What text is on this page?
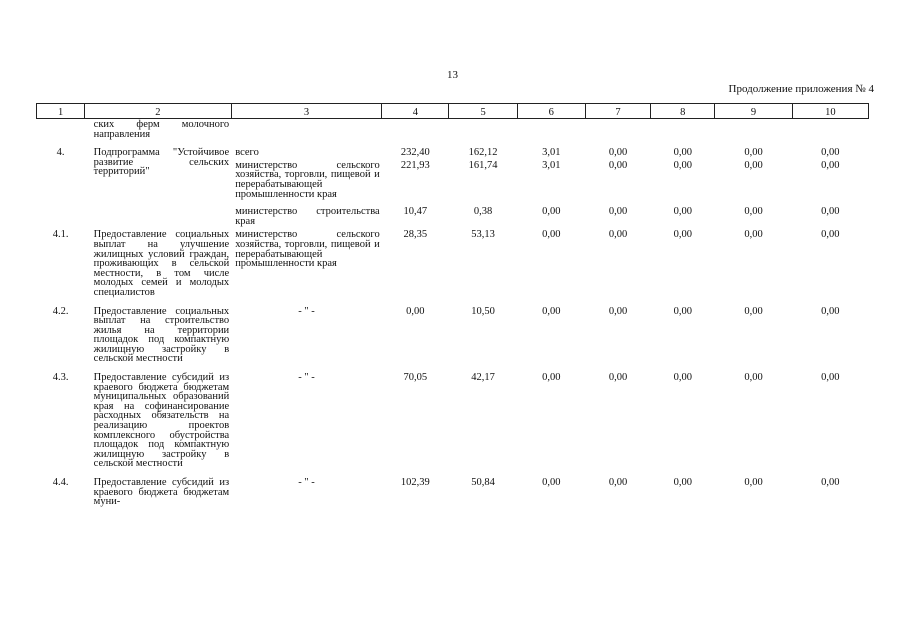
13
Продолжение приложения № 4
1	2	3	4	5	6	7	8	9	10
	ских ферм молочного направления								

4.	Подпрограмма "Устойчивое развитие сельских территорий"	всего	232,40	162,12	3,01	0,00	0,00	0,00	0,00
		министерство сельского хозяйства, торговли, пищевой и перерабатывающей промышленности края	221,93	161,74	3,01	0,00	0,00	0,00	0,00
		министерство строительства края	10,47	0,38	0,00	0,00	0,00	0,00	0,00

4.1.	Предоставление социальных выплат на улучшение жилищных условий граждан, проживающих в сельской местности, в том числе молодых семей и молодых специалистов	министерство сельского хозяйства, торговли, пищевой и перерабатывающей промышленности края	28,35	53,13	0,00	0,00	0,00	0,00	0,00

4.2.	Предоставление социальных выплат на строительство жилья на территории площадок под компактную жилищную застройку в сельской местности	- " -	0,00	10,50	0,00	0,00	0,00	0,00	0,00

4.3.	Предоставление субсидий из краевого бюджета бюджетам муниципальных образований края на софинансирование расходных обязательств на реализацию проектов комплексного обустройства площадок под компактную жилищную застройку в сельской местности	- " -	70,05	42,17	0,00	0,00	0,00	0,00	0,00

4.4.	Предоставление субсидий из краевого бюджета бюджетам муни-	- " -	102,39	50,84	0,00	0,00	0,00	0,00	0,00
